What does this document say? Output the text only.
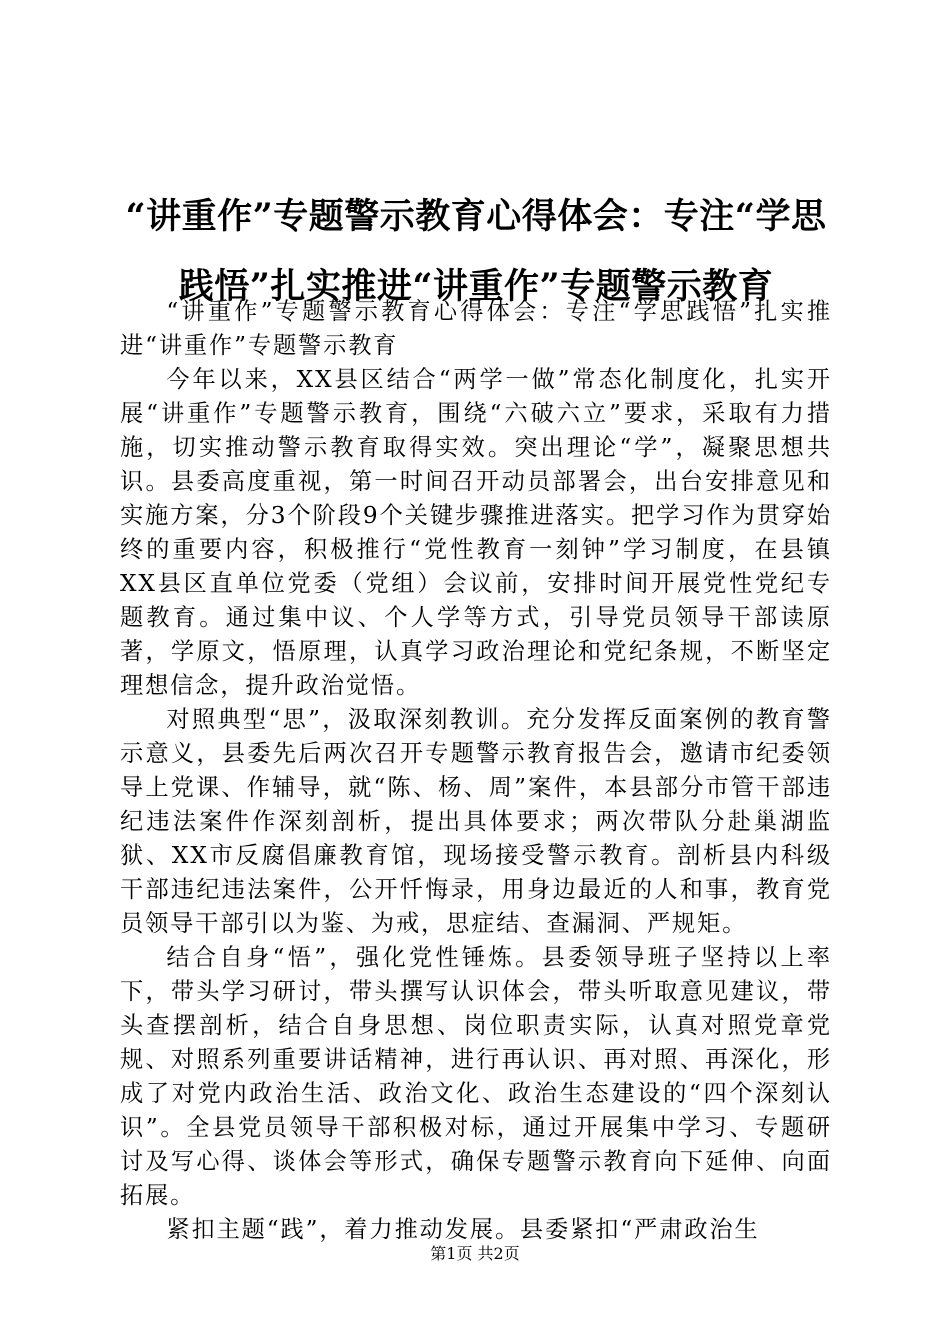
“讲重作”专题警示教育心得体会：专注“学思践悟”扎实推进“讲重作”专题警示教育

“讲重作”专题警示教育心得体会：专注“学思践悟”扎实推进“讲重作”专题警示教育

今年以来，XX县区结合“两学一做”常态化制度化，扎实开展“讲重作”专题警示教育，围绕“六破六立”要求，采取有力措施，切实推动警示教育取得实效。突出理论“学”，凝聚思想共识。县委高度重视，第一时间召开动员部署会，出台安排意见和实施方案，分3个阶段9个关键步骤推进落实。把学习作为贯穿始终的重要内容，积极推行“党性教育一刻钟”学习制度，在县镇XX县区直单位党委（党组）会议前，安排时间开展党性党纪专题教育。通过集中议、个人学等方式，引导党员领导干部读原著，学原文，悟原理，认真学习政治理论和党纪条规，不断坚定理想信念，提升政治觉悟。

对照典型“思”，汲取深刻教训。充分发挥反面案例的教育警示意义，县委先后两次召开专题警示教育报告会，邀请市纪委领导上党课、作辅导，就“陈、杨、周”案件，本县部分市管干部违纪违法案件作深刻剖析，提出具体要求；两次带队分赴巢湖监狱、XX市反腐倡廉教育馆，现场接受警示教育。剖析县内科级干部违纪违法案件，公开忏悔录，用身边最近的人和事，教育党员领导干部引以为鉴、为戒，思症结、查漏洞、严规矩。

结合自身“悟”，强化党性锤炼。县委领导班子坚持以上率下，带头学习研讨，带头撰写认识体会，带头听取意见建议，带头查摆剖析，结合自身思想、岗位职责实际，认真对照党章党规、对照系列重要讲话精神，进行再认识、再对照、再深化，形成了对党内政治生活、政治文化、政治生态建设的“四个深刻认识”。全县党员领导干部积极对标，通过开展集中学习、专题研讨及写心得、谈体会等形式，确保专题警示教育向下延伸、向面拓展。

紧扣主题“践”，着力推动发展。县委紧扣“严肃政治生

第1页 共2页
